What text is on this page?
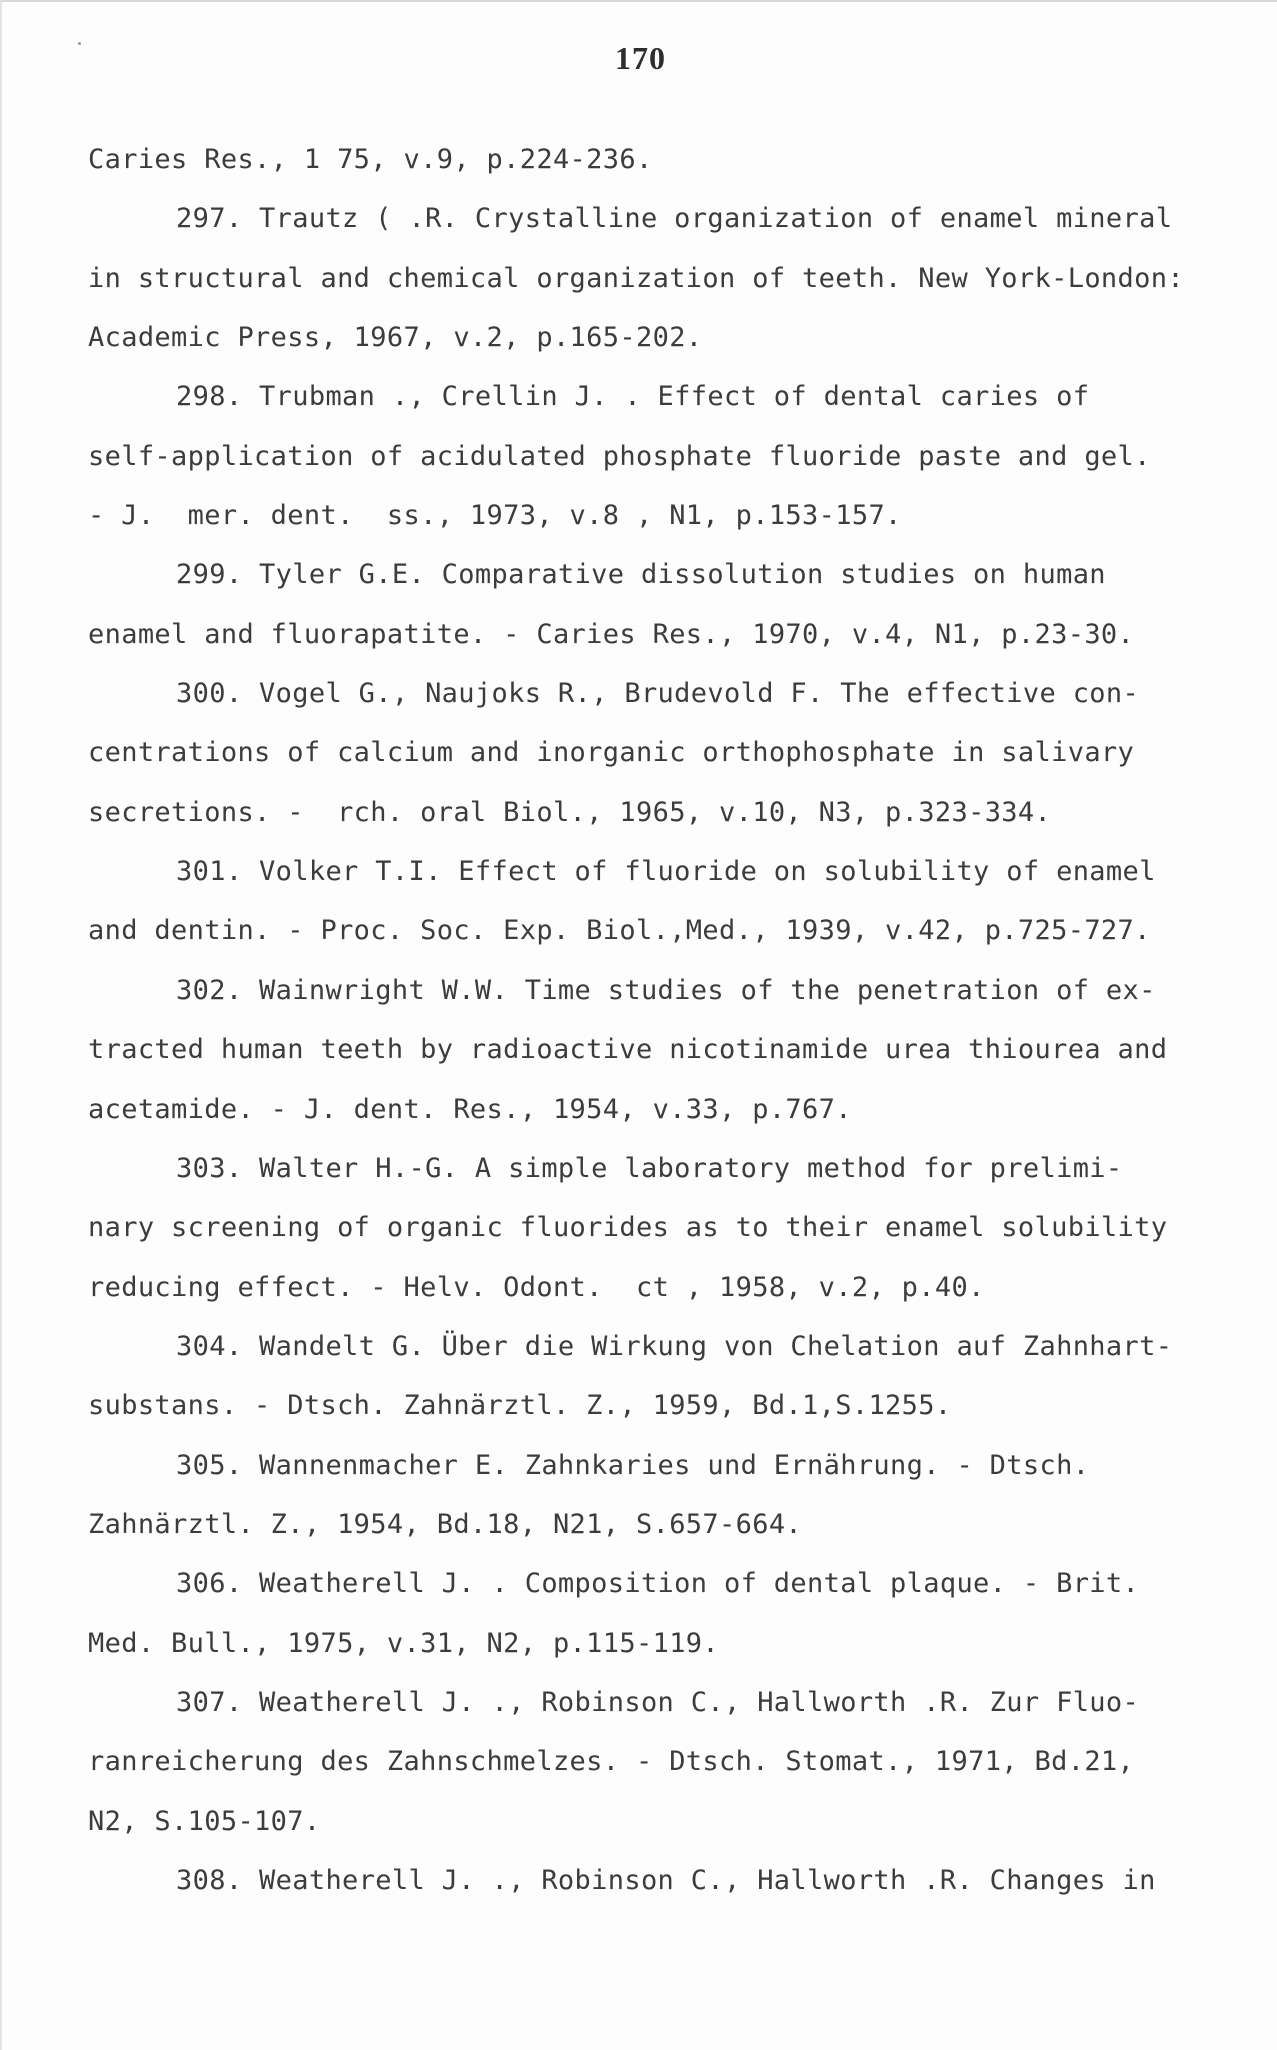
170
Caries Res., 1 75, v.9, p.224-236.
297. Trautz ( .R. Crystalline organization of enamel mineral
in structural and chemical organization of teeth. New York-London:
Academic Press, 1967, v.2, p.165-202.
298. Trubman ., Crellin J. . Effect of dental caries of
self-application of acidulated phosphate fluoride paste and gel.
- J.  mer. dent.  ss., 1973, v.8 , N1, p.153-157.
299. Tyler G.E. Comparative dissolution studies on human
enamel and fluorapatite. - Caries Res., 1970, v.4, N1, p.23-30.
300. Vogel G., Naujoks R., Brudevold F. The effective con-
centrations of calcium and inorganic orthophosphate in salivary
secretions. -  rch. oral Biol., 1965, v.10, N3, p.323-334.
301. Volker T.I. Effect of fluoride on solubility of enamel
and dentin. - Proc. Soc. Exp. Biol.,Med., 1939, v.42, p.725-727.
302. Wainwright W.W. Time studies of the penetration of ex-
tracted human teeth by radioactive nicotinamide urea thiourea and
acetamide. - J. dent. Res., 1954, v.33, p.767.
303. Walter H.-G. A simple laboratory method for prelimi-
nary screening of organic fluorides as to their enamel solubility
reducing effect. - Helv. Odont.  ct , 1958, v.2, p.40.
304. Wandelt G. Über die Wirkung von Chelation auf Zahnhart-
substans. - Dtsch. Zahnärztl. Z., 1959, Bd.1,S.1255.
305. Wannenmacher E. Zahnkaries und Ernährung. - Dtsch.
Zahnärztl. Z., 1954, Bd.18, N21, S.657-664.
306. Weatherell J. . Composition of dental plaque. - Brit.
Med. Bull., 1975, v.31, N2, p.115-119.
307. Weatherell J. ., Robinson C., Hallworth .R. Zur Fluo-
ranreicherung des Zahnschmelzes. - Dtsch. Stomat., 1971, Bd.21,
N2, S.105-107.
308. Weatherell J. ., Robinson C., Hallworth .R. Changes in
